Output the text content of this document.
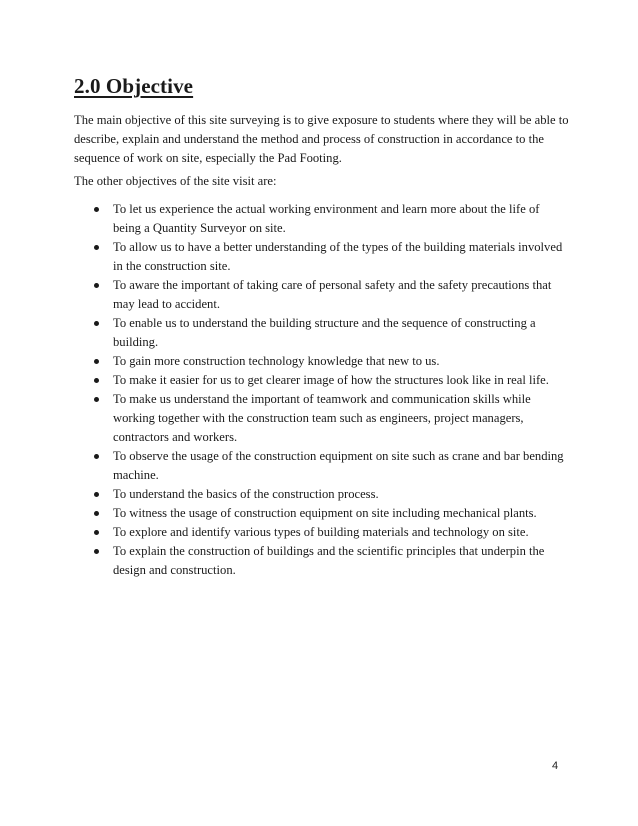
2.0 Objective

The main objective of this site surveying is to give exposure to students where they will be able to describe, explain and understand the method and process of construction in accordance to the sequence of work on site, especially the Pad Footing.

The other objectives of the site visit are:

To let us experience the actual working environment and learn more about the life of being a Quantity Surveyor on site.
To allow us to have a better understanding of the types of the building materials involved in the construction site.
To aware the important of taking care of personal safety and the safety precautions that may lead to accident.
To enable us to understand the building structure and the sequence of constructing a building.
To gain more construction technology knowledge that new to us.
To make it easier for us to get clearer image of how the structures look like in real life.
To make us understand the important of teamwork and communication skills while working together with the construction team such as engineers, project managers, contractors and workers.
To observe the usage of the construction equipment on site such as crane and bar bending machine.
To understand the basics of the construction process.
To witness the usage of construction equipment on site including mechanical plants.
To explore and identify various types of building materials and technology on site.
To explain the construction of buildings and the scientific principles that underpin the design and construction.
4
